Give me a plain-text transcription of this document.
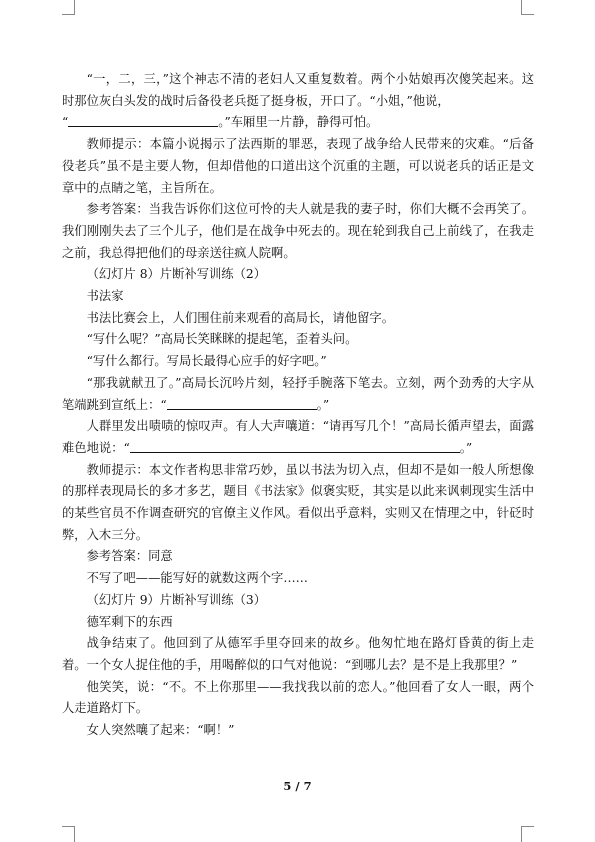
“一，二，三，”这个神志不清的老妇人又重复数着。两个小姑娘再次傻笑起来。这时那位灰白头发的战时后备役老兵挺了挺身板，开口了。“小姐，”他说，

“	。”车厢里一片静，静得可怕。

教师提示：本篇小说揭示了法西斯的罪恶，表现了战争给人民带来的灾难。“后备役老兵”虽不是主要人物，但却借他的口道出这个沉重的主题，可以说老兵的话正是文章中的点睛之笔，主旨所在。

参考答案：当我告诉你们这位可怜的夫人就是我的妻子时，你们大概不会再笑了。我们刚刚失去了三个儿子，他们是在战争中死去的。现在轮到我自己上前线了，在我走之前，我总得把他们的母亲送往疯人院啊。

（幻灯片 8）片断补写训练（2）

书法家

书法比赛会上，人们围住前来观看的高局长，请他留字。

“写什么呢？”高局长笑眯眯的提起笔，歪着头问。

“写什么都行。写局长最得心应手的好字吧。”

“那我就献丑了。”高局长沉吟片刻，轻抒手腕落下笔去。立刻，两个劲秀的大字从笔端跳到宣纸上：“	。”

人群里发出啧啧的惊叹声。有人大声嚷道：“请再写几个！”高局长循声望去，面露难色地说：“	。”

教师提示：本文作者构思非常巧妙，虽以书法为切入点，但却不是如一般人所想像的那样表现局长的多才多艺，题目《书法家》似褒实贬，其实是以此来讽刺现实生活中的某些官员不作调查研究的官僚主义作风。看似出乎意料，实则又在情理之中，针砭时弊，入木三分。

参考答案：同意

不写了吧——能写好的就数这两个字……

（幻灯片 9）片断补写训练（3）

德军剩下的东西

战争结束了。他回到了从德军手里夺回来的故乡。他匆忙地在路灯昏黄的街上走着。一个女人捉住他的手，用喝醉似的口气对他说：“到哪儿去？是不是上我那里？”

他笑笑，说：“不。不上你那里——我找我以前的恋人。”他回看了女人一眼，两个人走道路灯下。

女人突然嚷了起来：“啊！”

5 / 7
